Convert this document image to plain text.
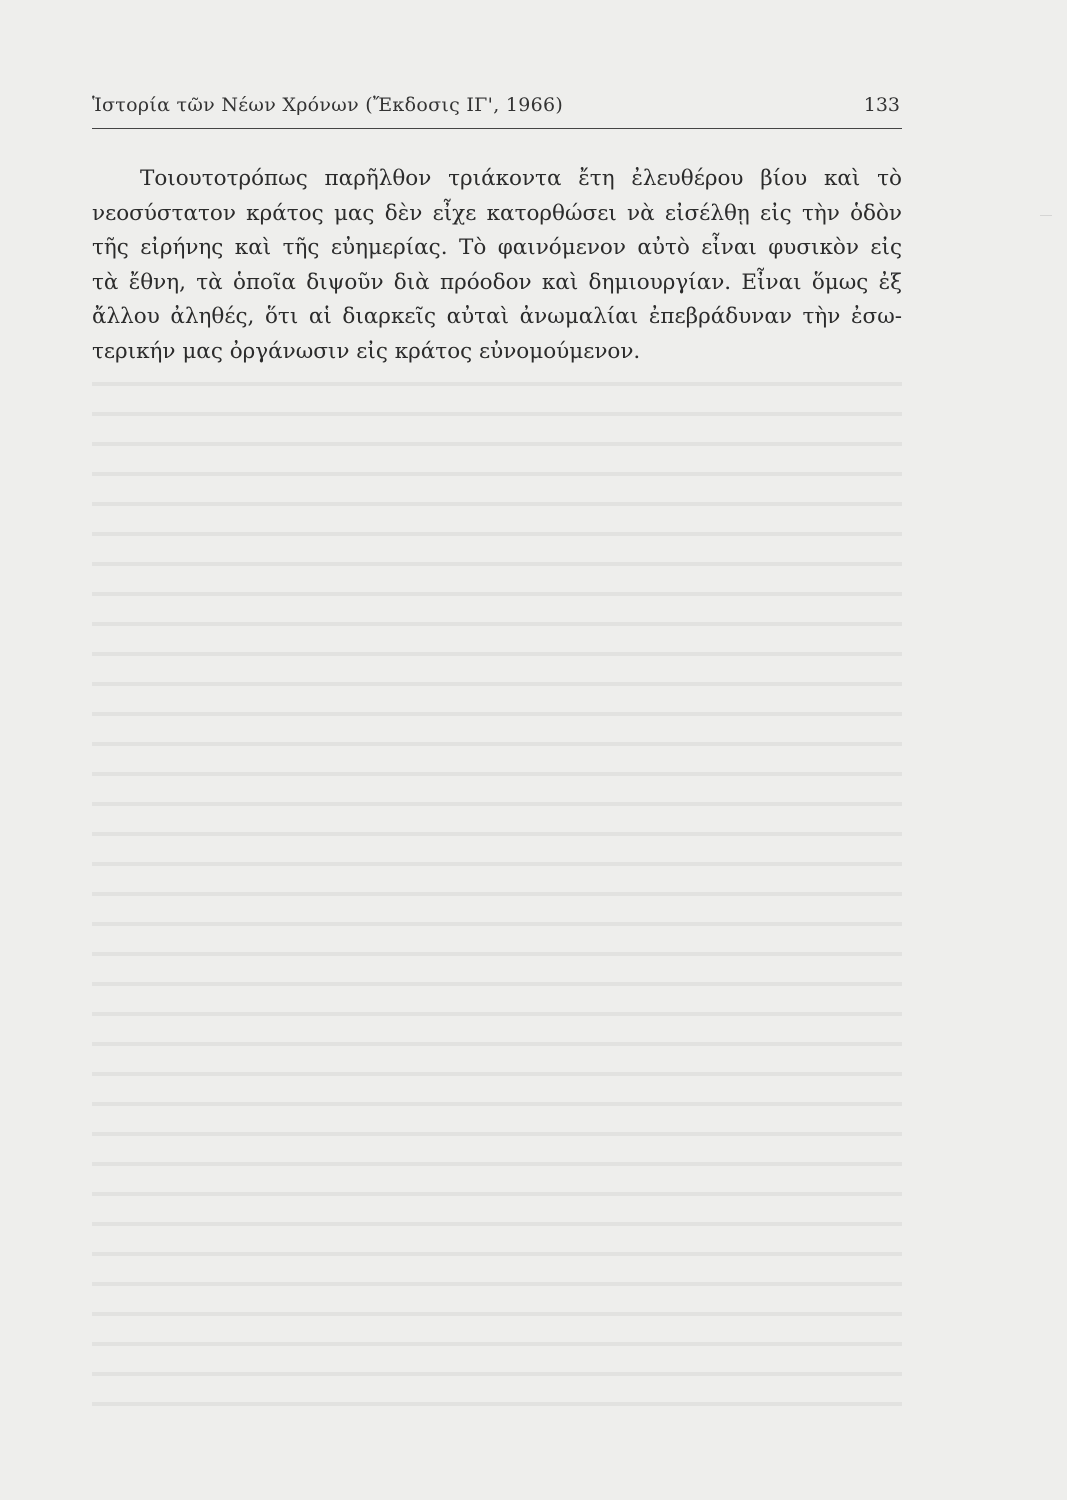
Ἱστορία τῶν Νέων Χρόνων (Ἔκδοσις ΙΓ', 1966)	133
Τοιουτοτρόπως παρῆλθον τριάκοντα ἔτη ἐλευθέρου βίου καὶ τὸ
νεοσύστατον κράτος μας δὲν εἶχε κατορθώσει νὰ εἰσέλθῃ εἰς τὴν ὁδὸν
τῆς εἰρήνης καὶ τῆς εὐημερίας. Τὸ φαινόμενον αὐτὸ εἶναι φυσικὸν εἰς
τὰ ἔθνη, τὰ ὁποῖα διψοῦν διὰ πρόοδον καὶ δημιουργίαν. Εἶναι ὅμως ἐξ
ἄλλου ἀληθές, ὅτι αἱ διαρκεῖς αὐταὶ ἀνωμαλίαι ἐπεβράδυναν τὴν ἐσω-
τερικήν μας ὀργάνωσιν εἰς κράτος εὐνομούμενον.
